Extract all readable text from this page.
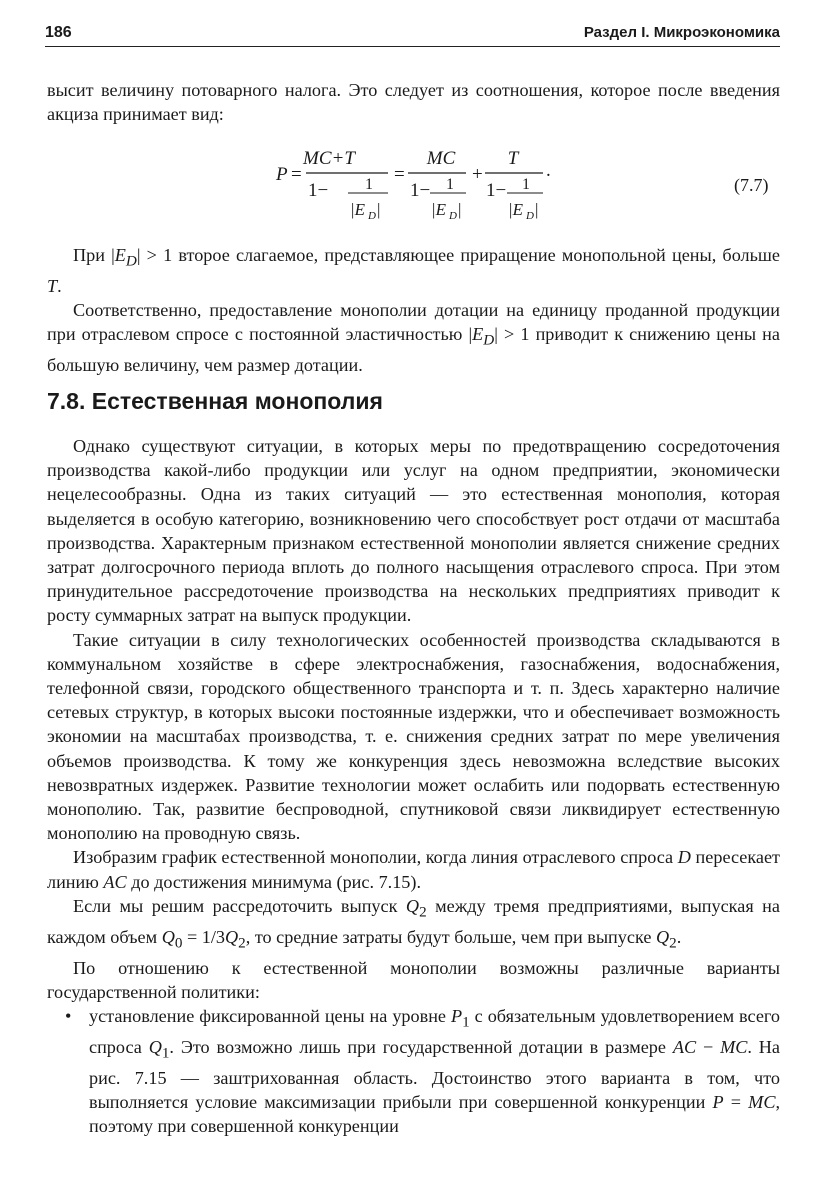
186	Раздел I. Микроэкономика

высит величину потоварного налога. Это следует из соотношения, которое после введения акциза принимает вид:

P =
MC+T
1− 1
|E D |
=
MC
1− 1
|E D |
+
T
1− 1
|E D |
.
(7.7)

При $|E_D| > 1$ второе слагаемое, представляющее приращение монопольной цены, больше T.

Соответственно, предоставление монополии дотации на единицу проданной продукции при отраслевом спросе с постоянной эластичностью $|E_D| > 1$ приводит к снижению цены на большую величину, чем размер дотации.

7.8. Естественная монополия

Однако существуют ситуации, в которых меры по предотвращению сосредоточения производства какой-либо продукции или услуг на одном предприятии, экономически нецелесообразны. Одна из таких ситуаций — это естественная монополия, которая выделяется в особую категорию, возникновению чего способствует рост отдачи от масштаба производства. Характерным признаком естественной монополии является снижение средних затрат долгосрочного периода вплоть до полного насыщения отраслевого спроса. При этом принудительное рассредоточение производства на нескольких предприятиях приводит к росту суммарных затрат на выпуск продукции.

Такие ситуации в силу технологических особенностей производства складываются в коммунальном хозяйстве в сфере электроснабжения, газоснабжения, водоснабжения, телефонной связи, городского общественного транспорта и т. п. Здесь характерно наличие сетевых структур, в которых высоки постоянные издержки, что и обеспечивает возможность экономии на масштабах производства, т. е. снижения средних затрат по мере увеличения объемов производства. К тому же конкуренция здесь невозможна вследствие высоких невозвратных издержек. Развитие технологии может ослабить или подорвать естественную монополию. Так, развитие беспроводной, спутниковой связи ликвидирует естественную монополию на проводную связь.

Изобразим график естественной монополии, когда линия отраслевого спроса D пересекает линию AC до достижения минимума (рис. 7.15).

Если мы решим рассредоточить выпуск $Q_2$ между тремя предприятиями, выпуская на каждом объем $Q_0 = 1/3Q_2$, то средние затраты будут больше, чем при выпуске $Q_2$.

По отношению к естественной монополии возможны различные варианты государственной политики:

• установление фиксированной цены на уровне $P_1$ с обязательным удовлетворением всего спроса $Q_1$. Это возможно лишь при государственной дотации в размере AC − MC. На рис. 7.15 — заштрихованная область. Достоинство этого варианта в том, что выполняется условие максимизации прибыли при совершенной конкуренции P = MC, поэтому при совершенной конкуренции
